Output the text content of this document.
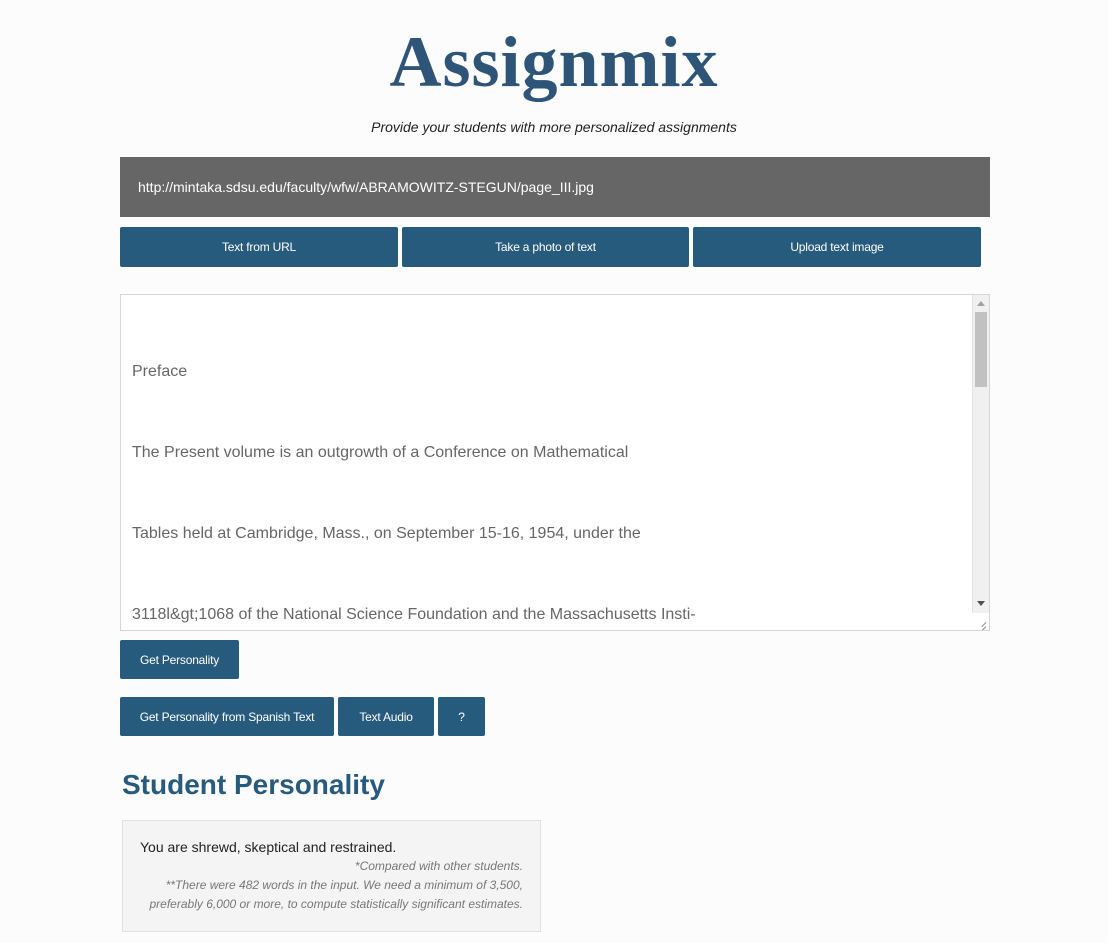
Assignmix
Provide your students with more personalized assignments
http://mintaka.sdsu.edu/faculty/wfw/ABRAMOWITZ-STEGUN/page_III.jpg
Text from URL	Take a photo of text	Upload text image

Preface

The Present volume is an outgrowth of a Conference on Mathematical

Tables held at Cambridge, Mass., on September 15-16, 1954, under the

3118l&gt;1068 of the National Science Foundation and the Massachusetts Insti-

Get Personality
Get Personality from Spanish Text	Text Audio	?
Student Personality
You are shrewd, skeptical and restrained.
*Compared with other students.
**There were 482 words in the input. We need a minimum of 3,500,
preferably 6,000 or more, to compute statistically significant estimates.
